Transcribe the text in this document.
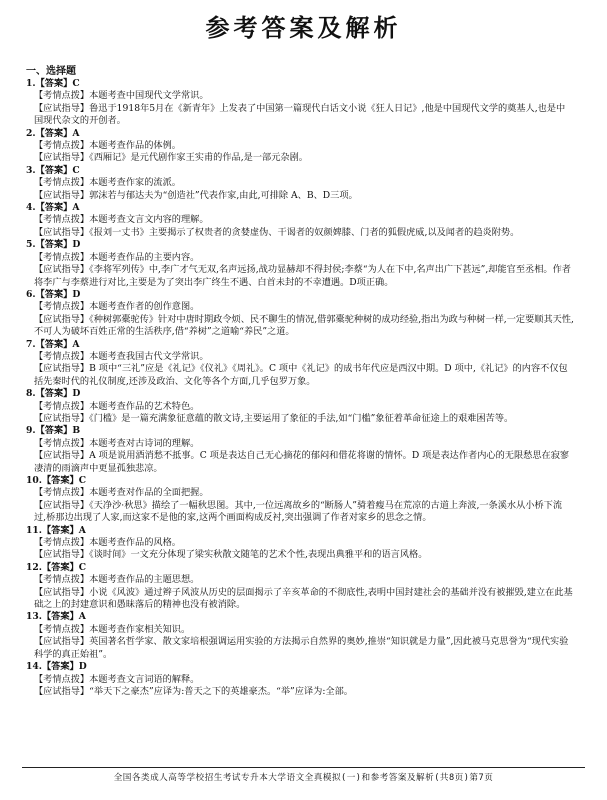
参考答案及解析
一、选择题
1.【答案】C
【考情点拨】本题考查中国现代文学常识。
【应试指导】鲁迅于1918年5月在《新青年》上发表了中国第一篇现代白话文小说《狂人日记》,他是中国现代文学的奠基人,也是中国现代杂文的开创者。
2.【答案】A
【考情点拨】本题考查作品的体例。
【应试指导】《西厢记》是元代剧作家王实甫的作品,是一部元杂剧。
3.【答案】C
【考情点拨】本题考查作家的流派。
【应试指导】郭沫若与郁达夫为“创造社”代表作家,由此,可排除 A、B、D三项。
4.【答案】A
【考情点拨】本题考查文言文内容的理解。
【应试指导】《报刘一丈书》主要揭示了权贵者的贪婪虚伪、干谒者的奴颜婢膝、门者的狐假虎威,以及闻者的趋炎附势。
5.【答案】D
【考情点拨】本题考查作品的主要内容。
【应试指导】《李将军列传》中,李广才气无双,名声远扬,战功显赫却不得封侯;李蔡“为人在下中,名声出广下甚远”,却能官至丞相。作者将李广与李蔡进行对比,主要是为了突出李广终生不遇、白首未封的不幸遭遇。D项正确。
6.【答案】D
【考情点拨】本题考查作者的创作意图。
【应试指导】《种树郭橐驼传》针对中唐时期政令烦、民不聊生的情况,借郭橐驼种树的成功经验,指出为政与种树一样,一定要顺其天性,不可人为破坏百姓正常的生活秩序,借“养树”之道喻“养民”之道。
7.【答案】A
【考情点拨】本题考查我国古代文学常识。
【应试指导】B 项中“三礼”应是《礼记》《仪礼》《周礼》。C 项中《礼记》的成书年代应是西汉中期。D 项中,《礼记》的内容不仅包括先秦时代的礼仪制度,还涉及政治、文化等各个方面,几乎包罗万象。
8.【答案】D
【考情点拨】本题考查作品的艺术特色。
【应试指导】《门槛》是一篇充满象征意蕴的散文诗,主要运用了象征的手法,如“门槛”象征着革命征途上的艰难困苦等。
9.【答案】B
【考情点拨】本题考查对古诗词的理解。
【应试指导】A 项是说用酒消愁不抵事。C 项是表达自己无心摘花的郁闷和借花将谢的情怀。D 项是表达作者内心的无限愁思在寂寥凄清的雨滴声中更显孤独悲凉。
10.【答案】C
【考情点拨】本题考查对作品的全面把握。
【应试指导】《天净沙·秋思》描绘了一幅秋思图。其中,一位远离故乡的“断肠人”骑着瘦马在荒凉的古道上奔波,一条溪水从小桥下流过,桥那边出现了人家,而这家不是他的家,这两个画面构成反衬,突出强调了作者对家乡的思念之情。
11.【答案】A
【考情点拨】本题考查作品的风格。
【应试指导】《谈时间》一文充分体现了梁实秋散文随笔的艺术个性,表现出典雅平和的语言风格。
12.【答案】C
【考情点拨】本题考查作品的主题思想。
【应试指导】小说《风波》通过辫子风波从历史的层面揭示了辛亥革命的不彻底性,表明中国封建社会的基础并没有被摧毁,建立在此基础之上的封建意识和愚昧落后的精神也没有被消除。
13.【答案】A
【考情点拨】本题考查作家相关知识。
【应试指导】英国著名哲学家、散文家培根强调运用实验的方法揭示自然界的奥妙,推崇“知识就是力量”,因此被马克思誉为“现代实验科学的真正始祖”。
14.【答案】D
【考情点拨】本题考查文言词语的解释。
【应试指导】“举天下之豪杰”应译为:普天之下的英雄豪杰。“举”应译为:全部。
全国各类成人高等学校招生考试专升本大学语文全真模拟(一)和参考答案及解析(共8页)第7页
